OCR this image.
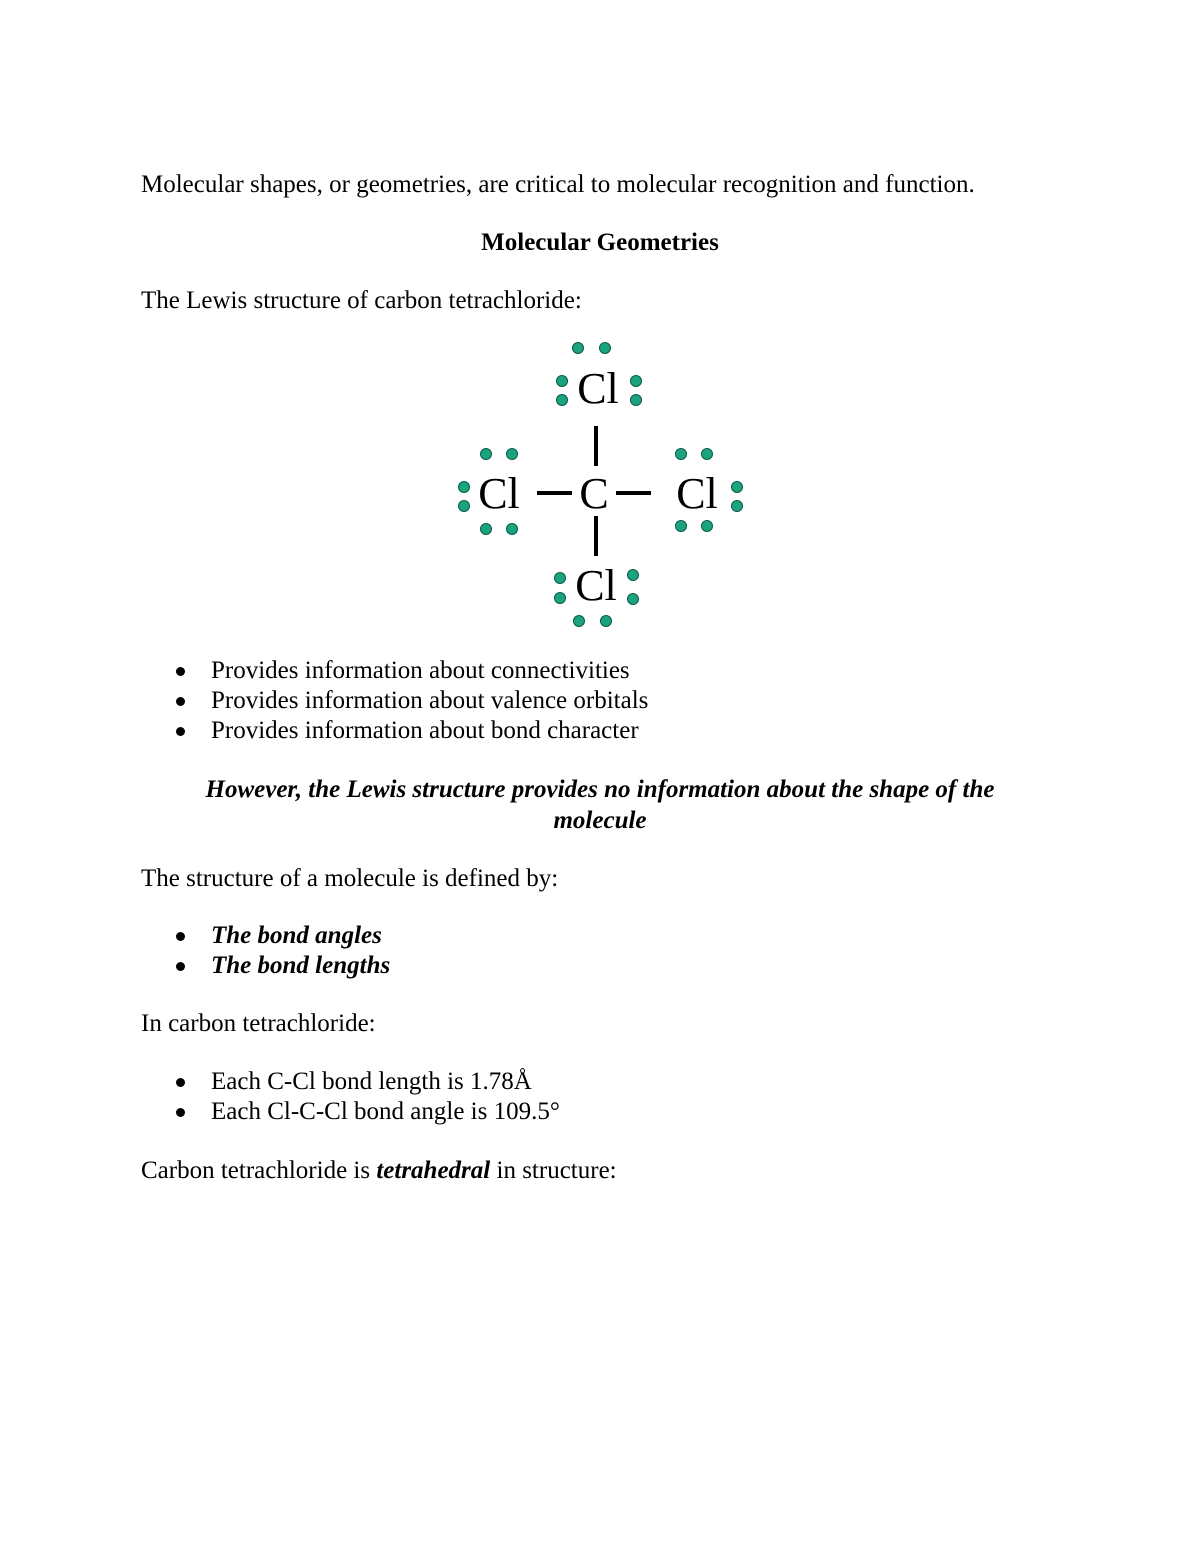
Molecular shapes, or geometries, are critical to molecular recognition and function.
Molecular Geometries
The Lewis structure of carbon tetrachloride:
C
Cl
Cl	Cl
Cl
Provides information about connectivities
Provides information about valence orbitals
Provides information about bond character
However, the Lewis structure provides no information about the shape of the
molecule
The structure of a molecule is defined by:
The bond angles
The bond lengths
In carbon tetrachloride:
Each C-Cl bond length is 1.78Å
Each Cl-C-Cl bond angle is 109.5°
Carbon tetrachloride is tetrahedral in structure:
